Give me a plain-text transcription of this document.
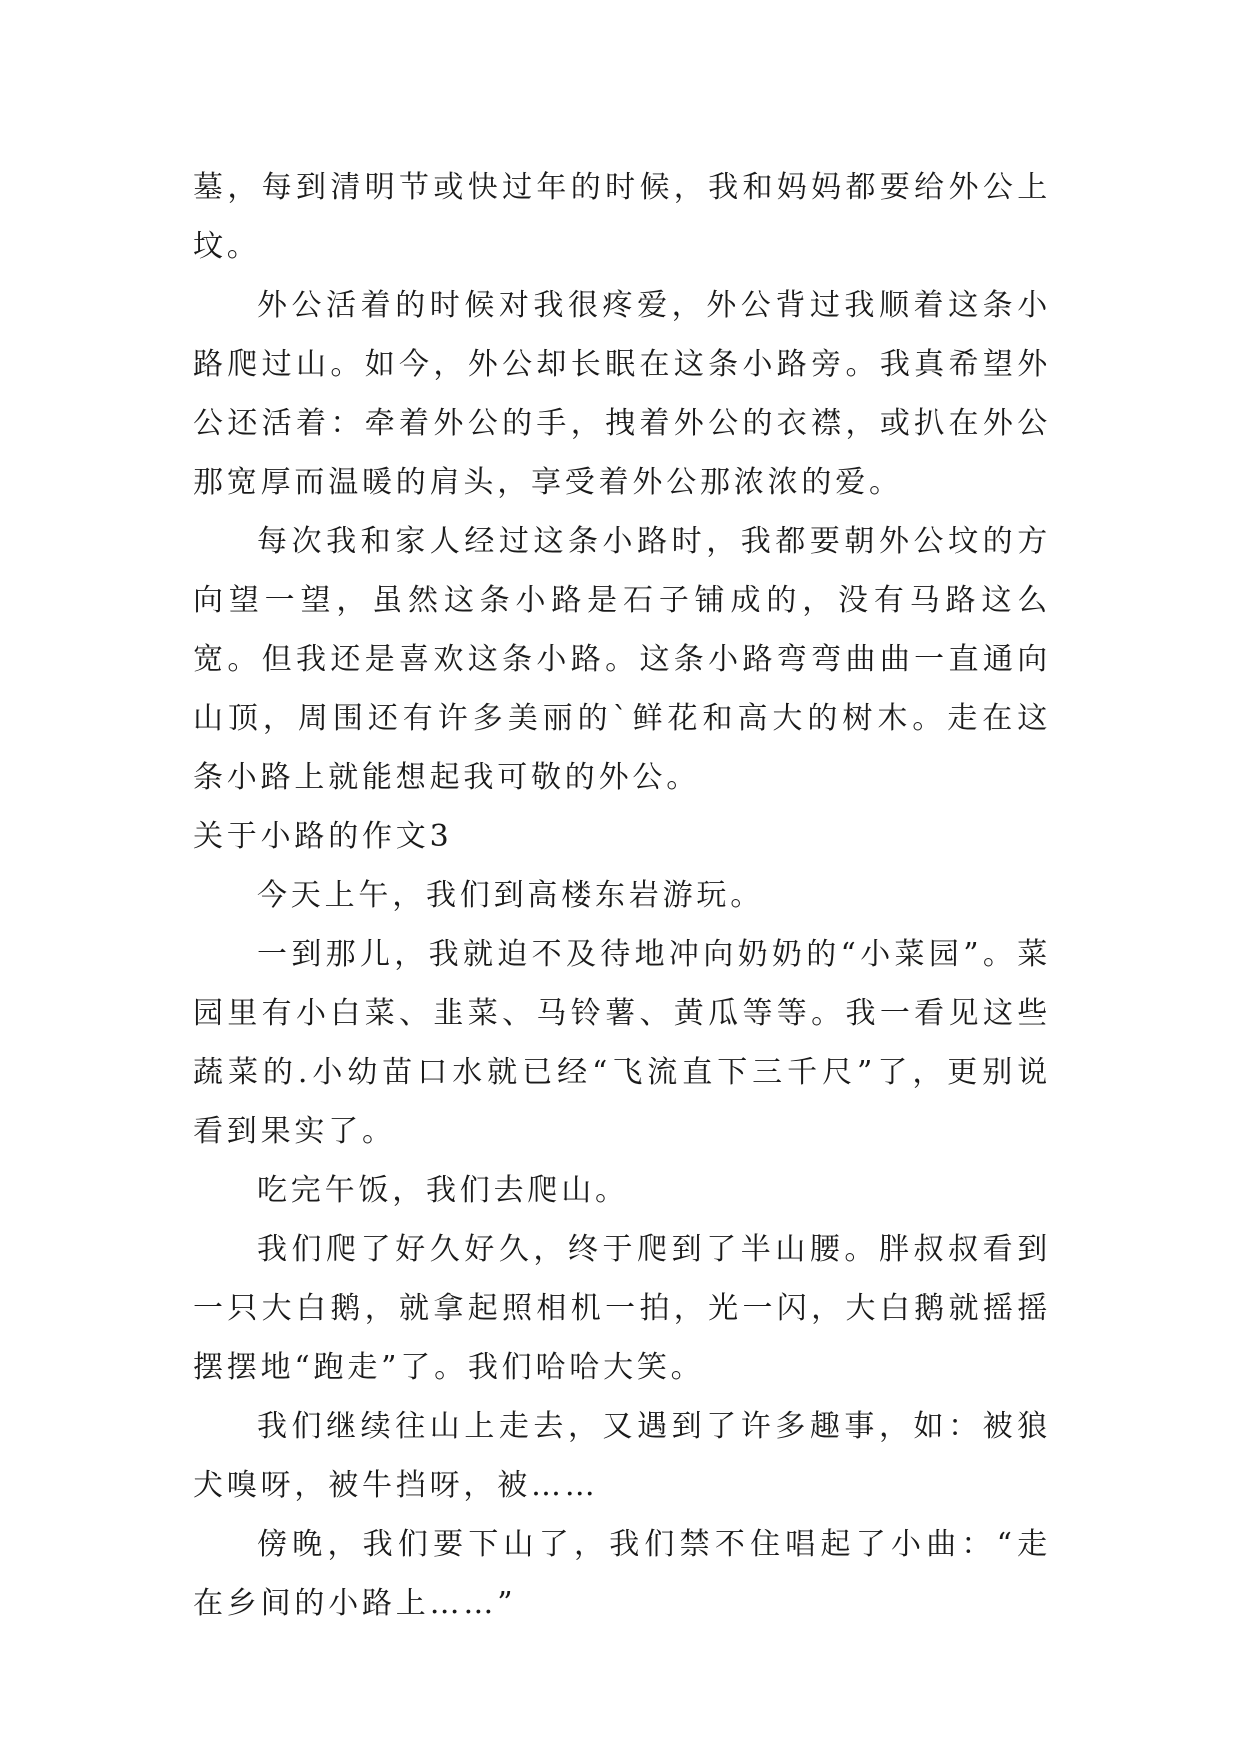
墓，每到清明节或快过年的时候，我和妈妈都要给外公上坟。

外公活着的时候对我很疼爱，外公背过我顺着这条小路爬过山。如今，外公却长眠在这条小路旁。我真希望外公还活着：牵着外公的手，拽着外公的衣襟，或扒在外公那宽厚而温暖的肩头，享受着外公那浓浓的爱。

每次我和家人经过这条小路时，我都要朝外公坟的方向望一望，虽然这条小路是石子铺成的，没有马路这么宽。但我还是喜欢这条小路。这条小路弯弯曲曲一直通向山顶，周围还有许多美丽的`鲜花和高大的树木。走在这条小路上就能想起我可敬的外公。

关于小路的作文3

今天上午，我们到高楼东岩游玩。

一到那儿，我就迫不及待地冲向奶奶的“小菜园”。菜园里有小白菜、韭菜、马铃薯、黄瓜等等。我一看见这些蔬菜的.小幼苗口水就已经“飞流直下三千尺”了，更别说看到果实了。

吃完午饭，我们去爬山。

我们爬了好久好久，终于爬到了半山腰。胖叔叔看到一只大白鹅，就拿起照相机一拍，光一闪，大白鹅就摇摇摆摆地“跑走”了。我们哈哈大笑。

我们继续往山上走去，又遇到了许多趣事，如：被狼犬嗅呀，被牛挡呀，被……

傍晚，我们要下山了，我们禁不住唱起了小曲：“走在乡间的小路上……”
